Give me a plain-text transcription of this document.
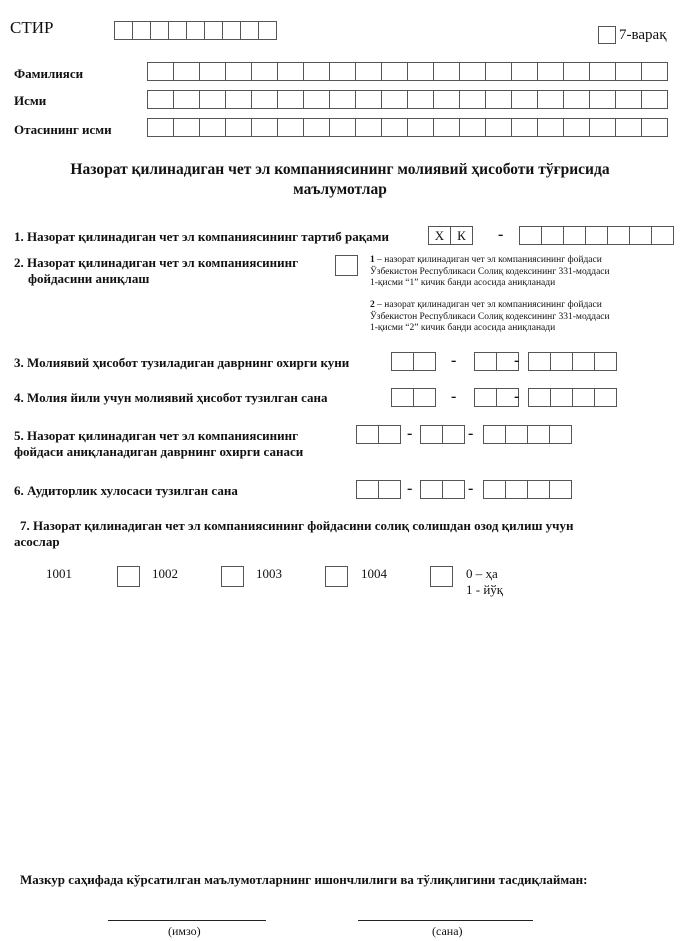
СТИР	7-варақ
Фамилияси
Исми
Отасининг исми
Назорат қилинадиган чет эл компаниясининг молиявий ҳисоботи тўғрисида
маълумотлар
1. Назорат қилинадиган чет эл компаниясининг тартиб рақами	Х К	-
2. Назорат қилинадиган чет эл компаниясининг
фойдасини аниқлаш
1 – назорат қилинадиган чет эл компаниясининг фойдаси
Ўзбекистон Республикаси Солиқ кодексининг 331-моддаси
1-қисми “1” кичик банди асосида аниқланади
2 – назорат қилинадиган чет эл компаниясининг фойдаси
Ўзбекистон Республикаси Солиқ кодексининг 331-моддаси
1-қисми “2” кичик банди асосида аниқланади
3. Молиявий ҳисобот тузиладиган даврнинг охирги куни	-	-
4. Молия йили учун молиявий ҳисобот тузилган сана	-	-
5. Назорат қилинадиган чет эл компаниясининг
фойдаси аниқланадиган даврнинг охирги санаси
-	-
6. Аудиторлик хулосаси тузилган сана	-	-
7. Назорат қилинадиган чет эл компаниясининг фойдасини солиқ солишдан озод қилиш учун
асослар
1001	1002	1003	1004	0 – ҳа
1 - йўқ
Мазкур саҳифада кўрсатилган маълумотларнинг ишончлилиги ва тўлиқлигини тасдиқлайман:
(имзо)	(сана)
